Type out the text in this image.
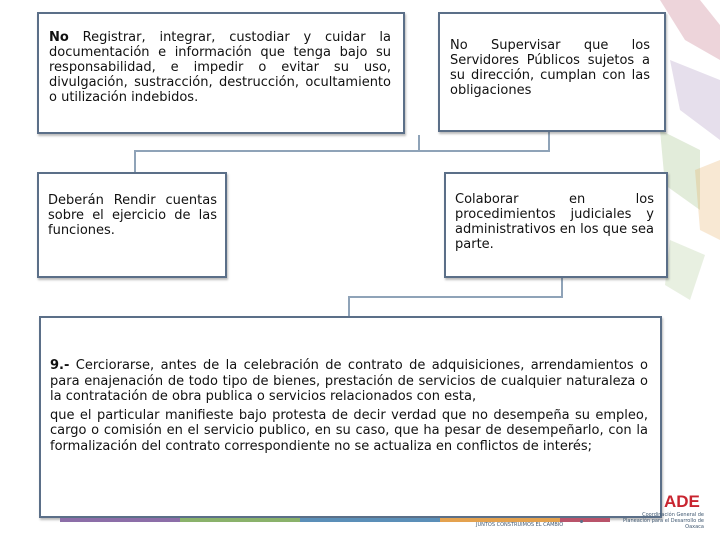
No Registrar, integrar, custodiar y cuidar la documentación e información que tenga bajo su responsabilidad, e impedir o evitar su uso, divulgación, sustracción, destrucción, ocultamiento o utilización indebidos.

No Supervisar que los Servidores Públicos sujetos a su dirección, cumplan con las obligaciones

Deberán Rendir cuentas sobre el ejercicio de las funciones.

Colaborar en los procedimientos judiciales y administrativos en los que sea parte.

9.- Cerciorarse, antes de la celebración de contrato de adquisiciones, arrendamientos o para enajenación de todo tipo de bienes, prestación de servicios de cualquier naturaleza o la contratación de obra publica o servicios relacionados con esta,

que el particular manifieste bajo protesta de decir verdad que no desempeña su empleo, cargo o comisión en el servicio publico, en su caso, que ha pesar de desempeñarlo, con la formalización del contrato correspondiente no se actualiza en conflictos de interés;

JUNTOS CONSTRUIMOS EL CAMBIO
ADE
Coordinación General de Planeación para el Desarrollo de Oaxaca
